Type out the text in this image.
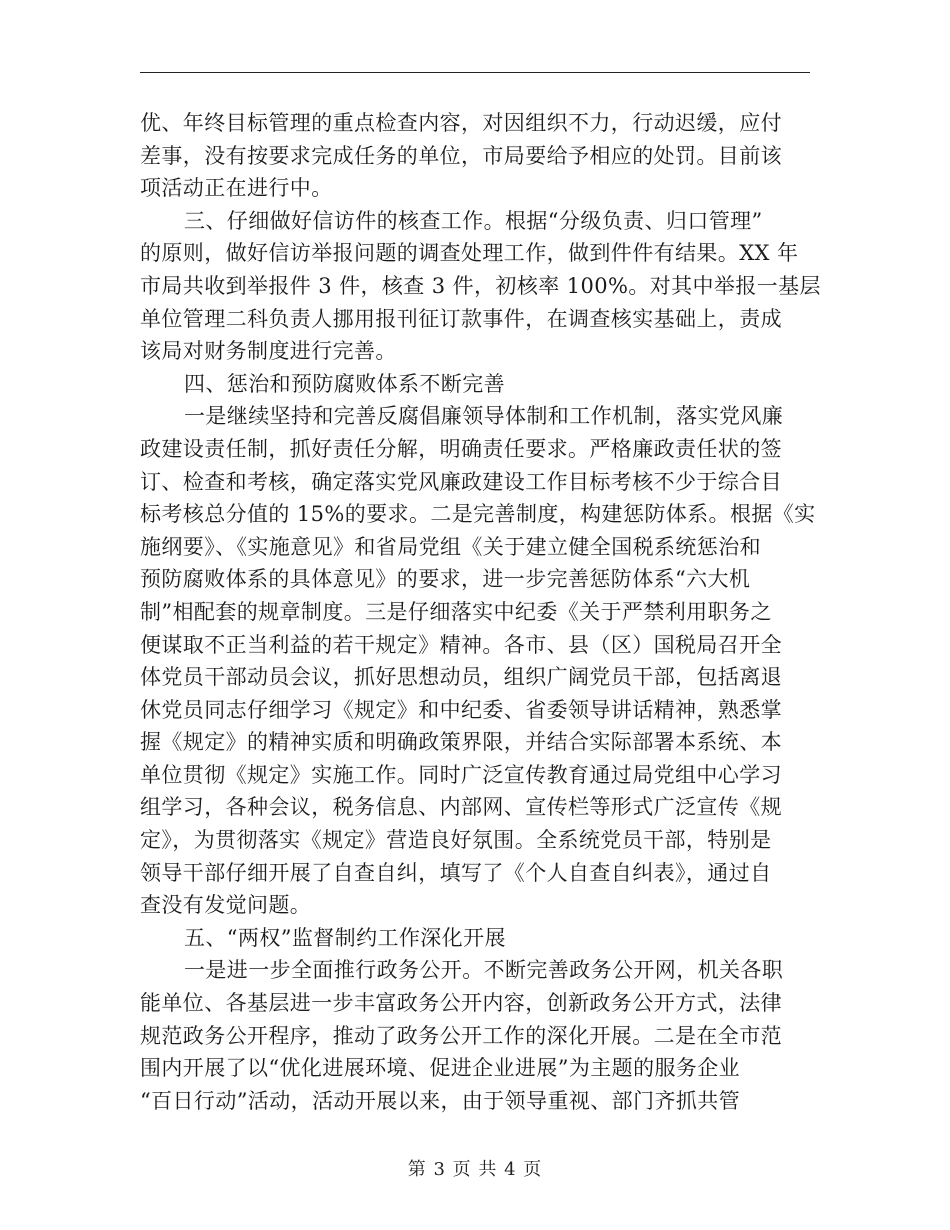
优、年终目标管理的重点检查内容，对因组织不力，行动迟缓，应付
差事，没有按要求完成任务的单位，市局要给予相应的处罚。目前该
项活动正在进行中。
三、仔细做好信访件的核查工作。根据“分级负责、归口管理”
的原则，做好信访举报问题的调查处理工作，做到件件有结果。XX 年
市局共收到举报件 3 件，核查 3 件，初核率 100%。对其中举报一基层
单位管理二科负责人挪用报刊征订款事件，在调查核实基础上，责成
该局对财务制度进行完善。
四、惩治和预防腐败体系不断完善
一是继续坚持和完善反腐倡廉领导体制和工作机制，落实党风廉
政建设责任制，抓好责任分解，明确责任要求。严格廉政责任状的签
订、检查和考核，确定落实党风廉政建设工作目标考核不少于综合目
标考核总分值的 15%的要求。二是完善制度，构建惩防体系。根据《实
施纲要》、《实施意见》和省局党组《关于建立健全国税系统惩治和
预防腐败体系的具体意见》的要求，进一步完善惩防体系“六大机
制”相配套的规章制度。三是仔细落实中纪委《关于严禁利用职务之
便谋取不正当利益的若干规定》精神。各市、县（区）国税局召开全
体党员干部动员会议，抓好思想动员，组织广阔党员干部，包括离退
休党员同志仔细学习《规定》和中纪委、省委领导讲话精神，熟悉掌
握《规定》的精神实质和明确政策界限，并结合实际部署本系统、本
单位贯彻《规定》实施工作。同时广泛宣传教育通过局党组中心学习
组学习，各种会议，税务信息、内部网、宣传栏等形式广泛宣传《规
定》，为贯彻落实《规定》营造良好氛围。全系统党员干部，特别是
领导干部仔细开展了自查自纠，填写了《个人自查自纠表》，通过自
查没有发觉问题。
五、“两权”监督制约工作深化开展
一是进一步全面推行政务公开。不断完善政务公开网，机关各职
能单位、各基层进一步丰富政务公开内容，创新政务公开方式，法律
规范政务公开程序，推动了政务公开工作的深化开展。二是在全市范
围内开展了以“优化进展环境、促进企业进展”为主题的服务企业
“百日行动”活动，活动开展以来，由于领导重视、部门齐抓共管
第 3 页 共 4 页
